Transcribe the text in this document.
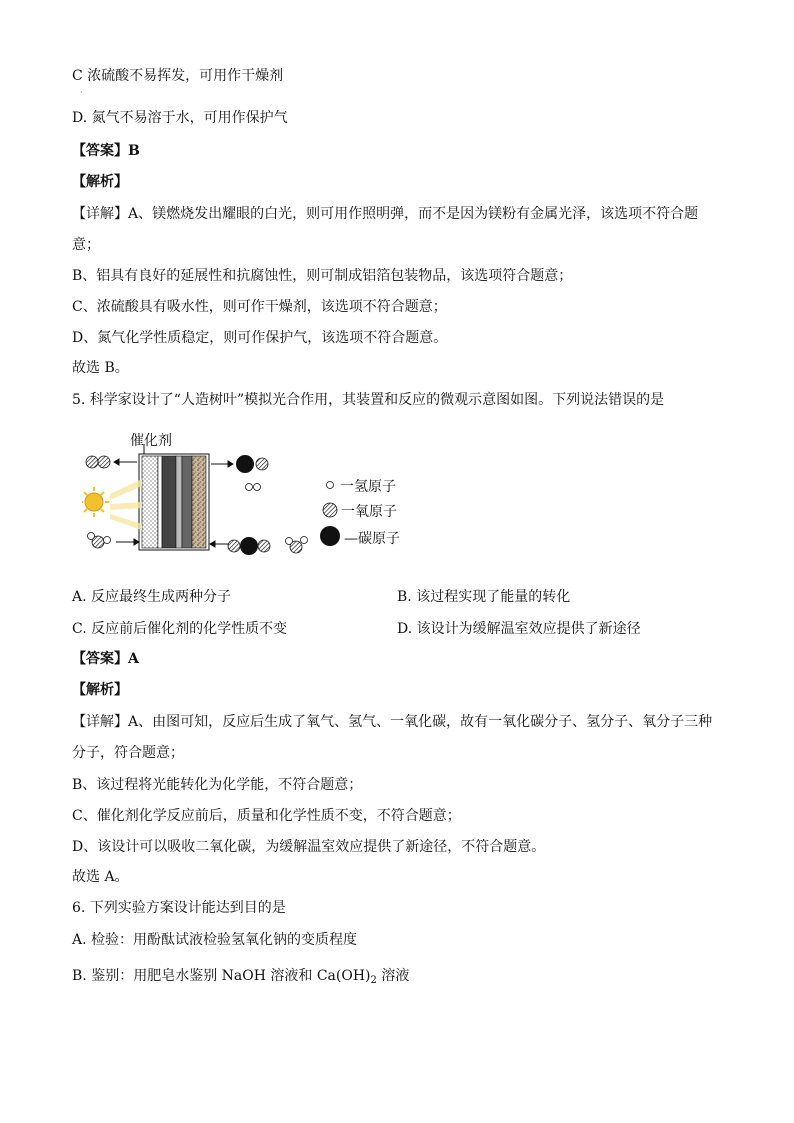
C 浓硫酸不易挥发，可用作干燥剂
·
D. 氮气不易溶于水，可用作保护气
【答案】B
【解析】
【详解】A、镁燃烧发出耀眼的白光，则可用作照明弹，而不是因为镁粉有金属光泽，该选项不符合题
意；
B、铝具有良好的延展性和抗腐蚀性，则可制成铝箔包装物品，该选项符合题意；
C、浓硫酸具有吸水性，则可作干燥剂，该选项不符合题意；
D、氮气化学性质稳定，则可作保护气，该选项不符合题意。
故选 B。
5. 科学家设计了“人造树叶”模拟光合作用，其装置和反应的微观示意图如图。下列说法错误的是
催化剂
一氢原子
一氧原子
—碳原子
A. 反应最终生成两种分子	B. 该过程实现了能量的转化
C. 反应前后催化剂的化学性质不变	D. 该设计为缓解温室效应提供了新途径
【答案】A
【解析】
【详解】A、由图可知，反应后生成了氧气、氢气、一氧化碳，故有一氧化碳分子、氢分子、氧分子三种
分子，符合题意；
B、该过程将光能转化为化学能，不符合题意；
C、催化剂化学反应前后，质量和化学性质不变，不符合题意；
D、该设计可以吸收二氧化碳，为缓解温室效应提供了新途径，不符合题意。
故选 A。
6. 下列实验方案设计能达到目的是
A. 检验：用酚酞试液检验氢氧化钠的变质程度
B. 鉴别：用肥皂水鉴别 NaOH 溶液和 $Ca(OH)_2$ 溶液
